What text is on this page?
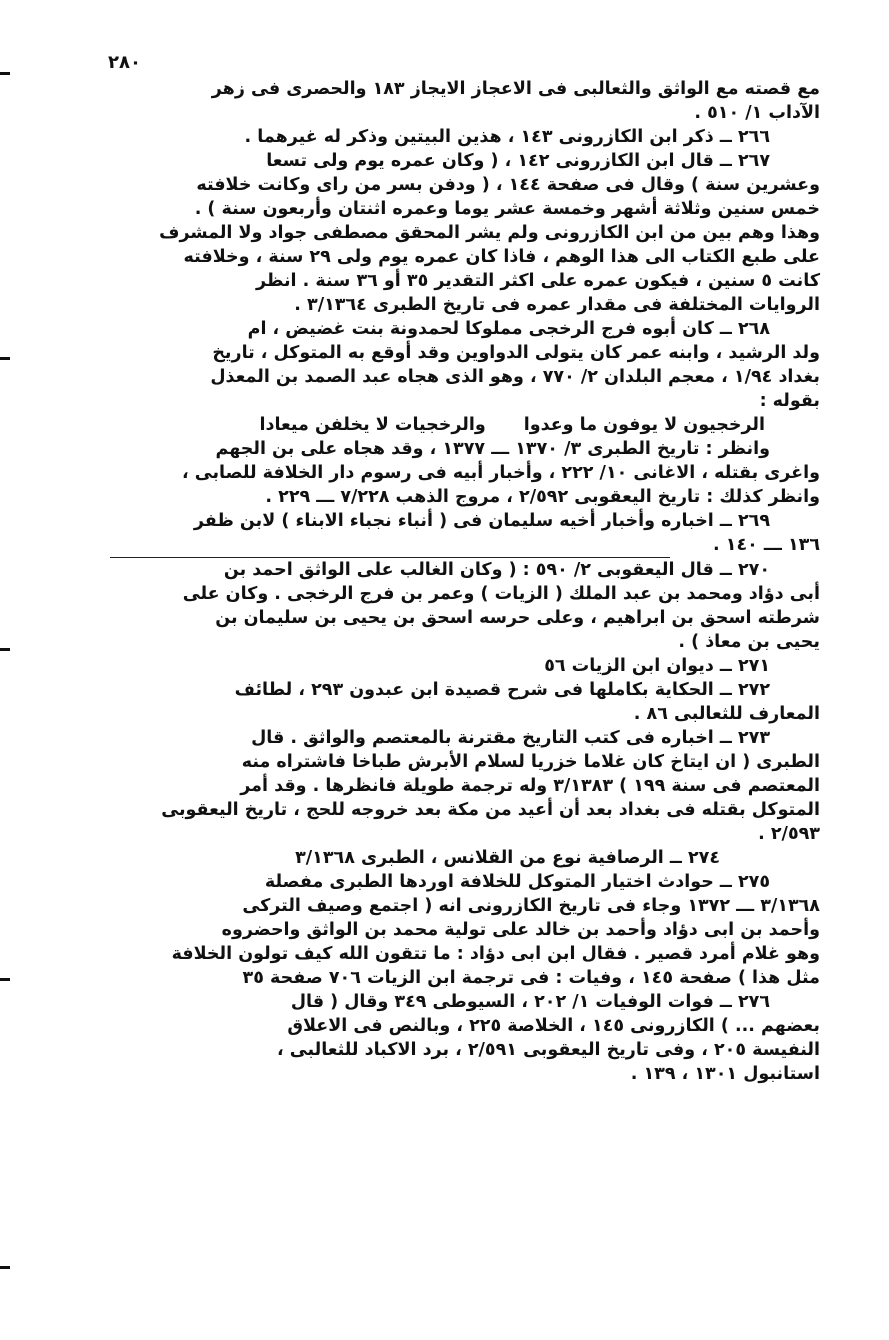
٢٨٠
مع قصته مع الواثق والثعالبى فى الاعجاز الايجاز ١٨٣ والحصرى فى زهر
الآداب ١/ ٥١٠ .
٢٦٦ ــ ذكر ابن الكازرونى ١٤٣ ، هذين البيتين وذكر له غيرهما .
٢٦٧ ــ قال ابن الكازرونى ١٤٢ ، ( وكان عمره يوم ولى تسعا
وعشرين سنة ) وقال فى صفحة ١٤٤ ، ( ودفن بسر من راى وكانت خلافته
خمس سنين وثلاثة أشهر وخمسة عشر يوما وعمره اثنتان وأربعون سنة ) .
وهذا وهم بين من ابن الكازرونى ولم يشر المحقق مصطفى جواد ولا المشرف
على طبع الكتاب الى هذا الوهم ، فاذا كان عمره يوم ولى ٢٩ سنة ، وخلافته
كانت ٥ سنين ، فيكون عمره على اكثر التقدير ٣٥ أو ٣٦ سنة . انظر
الروايات المختلفة فى مقدار عمره فى تاريخ الطبرى ٣/١٣٦٤ .
٢٦٨ ــ كان أبوه فرج الرخجى مملوكا لحمدونة بنت غضيض ، ام
ولد الرشيد ، وابنه عمر كان يتولى الدواوين وقد أوقع به المتوكل ، تاريخ
بغداد ١/٩٤ ، معجم البلدان ٢/ ٧٧٠ ، وهو الذى هجاه عبد الصمد بن المعذل
بقوله :
الرخجيون لا يوفون ما وعدوا
والرخجيات لا يخلفن ميعادا
وانظر : تاريخ الطبرى ٣/ ١٣٧٠ ـــ ١٣٧٧ ، وقد هجاه على بن الجهم
واغرى بقتله ، الاغانى ١٠/ ٢٢٢ ، وأخبار أبيه فى رسوم دار الخلافة للصابى ،
وانظر كذلك : تاريخ اليعقوبى ٢/٥٩٢ ، مروج الذهب ٧/٢٢٨ ـــ ٢٢٩ .
٢٦٩ ــ اخباره وأخبار أخيه سليمان فى ( أنباء نجباء الابناء ) لابن ظفر
١٣٦ ـــ ١٤٠ .
٢٧٠ ــ قال اليعقوبى ٢/ ٥٩٠ : ( وكان الغالب على الواثق احمد بن
أبى دؤاد ومحمد بن عبد الملك ( الزيات ) وعمر بن فرج الرخجى . وكان على
شرطته اسحق بن ابراهيم ، وعلى حرسه اسحق بن يحيى بن سليمان بن
يحيى بن معاذ ) .
٢٧١ ــ ديوان ابن الزيات ٥٦
٢٧٢ ــ الحكاية بكاملها فى شرح قصيدة ابن عبدون ٢٩٣ ، لطائف
المعارف للثعالبى ٨٦ .
٢٧٣ ــ اخباره فى كتب التاريخ مقترنة بالمعتصم والواثق . قال
الطبرى ( ان ايتاخ كان غلاما خزريا لسلام الأبرش طباخا فاشتراه منه
المعتصم فى سنة ١٩٩ ) ٣/١٣٨٣ وله ترجمة طويلة فانظرها . وقد أمر
المتوكل بقتله فى بغداد بعد أن أعيد من مكة بعد خروجه للحج ، تاريخ اليعقوبى
٢/٥٩٣ .
٢٧٤ ــ الرصافية نوع من القلانس ، الطبرى ٣/١٣٦٨
٢٧٥ ــ حوادث اختيار المتوكل للخلافة اوردها الطبرى مفصلة
٣/١٣٦٨ ـــ ١٣٧٢ وجاء فى تاريخ الكازرونى انه ( اجتمع وصيف التركى
وأحمد بن ابى دؤاد وأحمد بن خالد على تولية محمد بن الواثق واحضروه
وهو غلام أمرد قصير . فقال ابن ابى دؤاد : ما تتقون الله كيف تولون الخلافة
مثل هذا ) صفحة ١٤٥ ، وفيات : فى ترجمة ابن الزيات ٧٠٦ صفحة ٣٥
٢٧٦ ــ فوات الوفيات ١/ ٢٠٢ ، السيوطى ٣٤٩ وقال ( قال
بعضهم ... ) الكازرونى ١٤٥ ، الخلاصة ٢٢٥ ، وبالنص فى الاعلاق
النفيسة ٢٠٥ ، وفى تاريخ اليعقوبى ٢/٥٩١ ، برد الاكباد للثعالبى ،
استانبول ١٣٠١ ، ١٣٩ .
